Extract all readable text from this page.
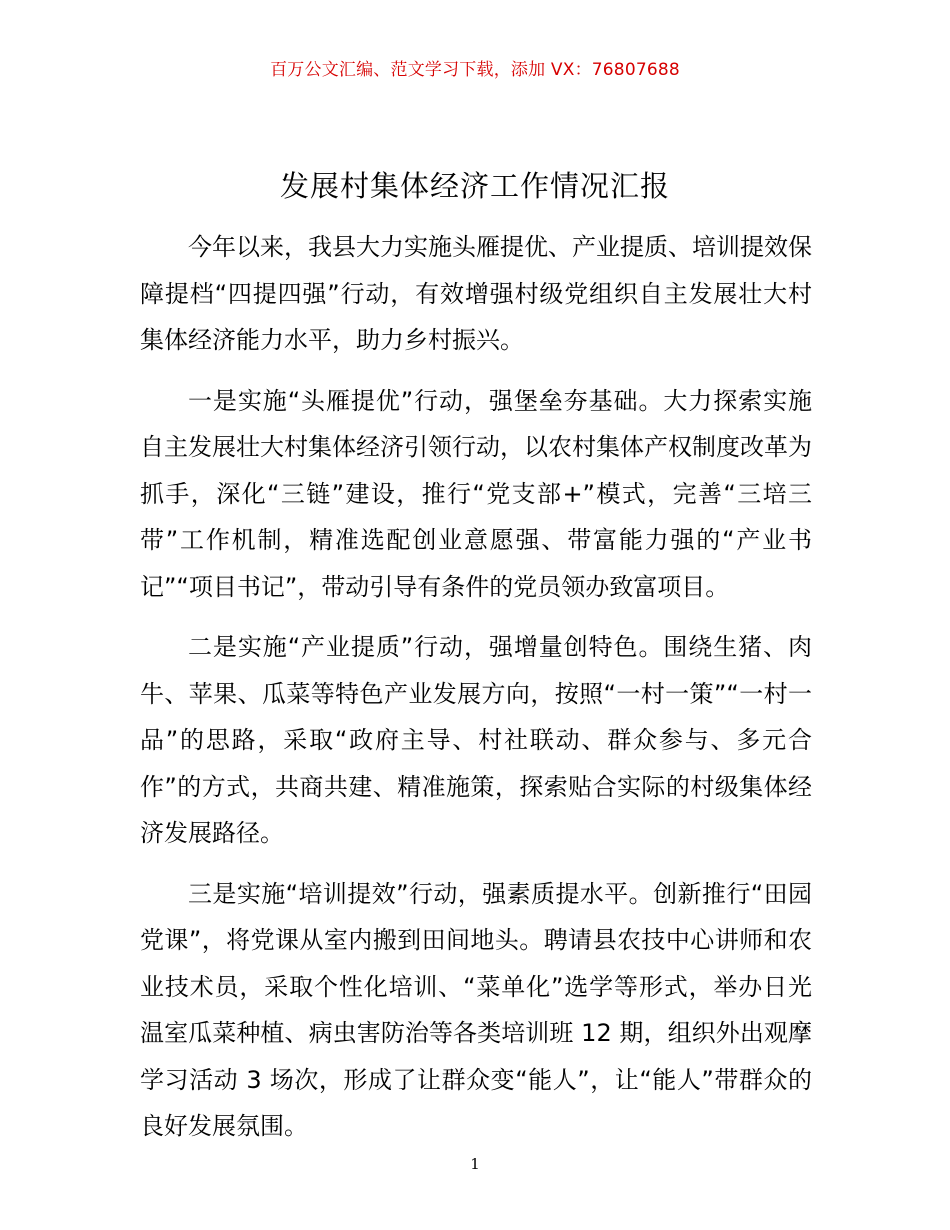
百万公文汇编、范文学习下载，添加 VX：76807688
发展村集体经济工作情况汇报

今年以来，我县大力实施头雁提优、产业提质、培训提效保障提档“四提四强”行动，有效增强村级党组织自主发展壮大村集体经济能力水平，助力乡村振兴。

一是实施“头雁提优”行动，强堡垒夯基础。大力探索实施自主发展壮大村集体经济引领行动，以农村集体产权制度改革为抓手，深化“三链”建设，推行“党支部+”模式，完善“三培三带”工作机制，精准选配创业意愿强、带富能力强的“产业书记”“项目书记”，带动引导有条件的党员领办致富项目。

二是实施“产业提质”行动，强增量创特色。围绕生猪、肉牛、苹果、瓜菜等特色产业发展方向，按照“一村一策”“一村一品”的思路，采取“政府主导、村社联动、群众参与、多元合作”的方式，共商共建、精准施策，探索贴合实际的村级集体经济发展路径。

三是实施“培训提效”行动，强素质提水平。创新推行“田园党课”，将党课从室内搬到田间地头。聘请县农技中心讲师和农业技术员，采取个性化培训、“菜单化”选学等形式，举办日光温室瓜菜种植、病虫害防治等各类培训班 12 期，组织外出观摩学习活动 3 场次，形成了让群众变“能人”，让“能人”带群众的良好发展氛围。

1
